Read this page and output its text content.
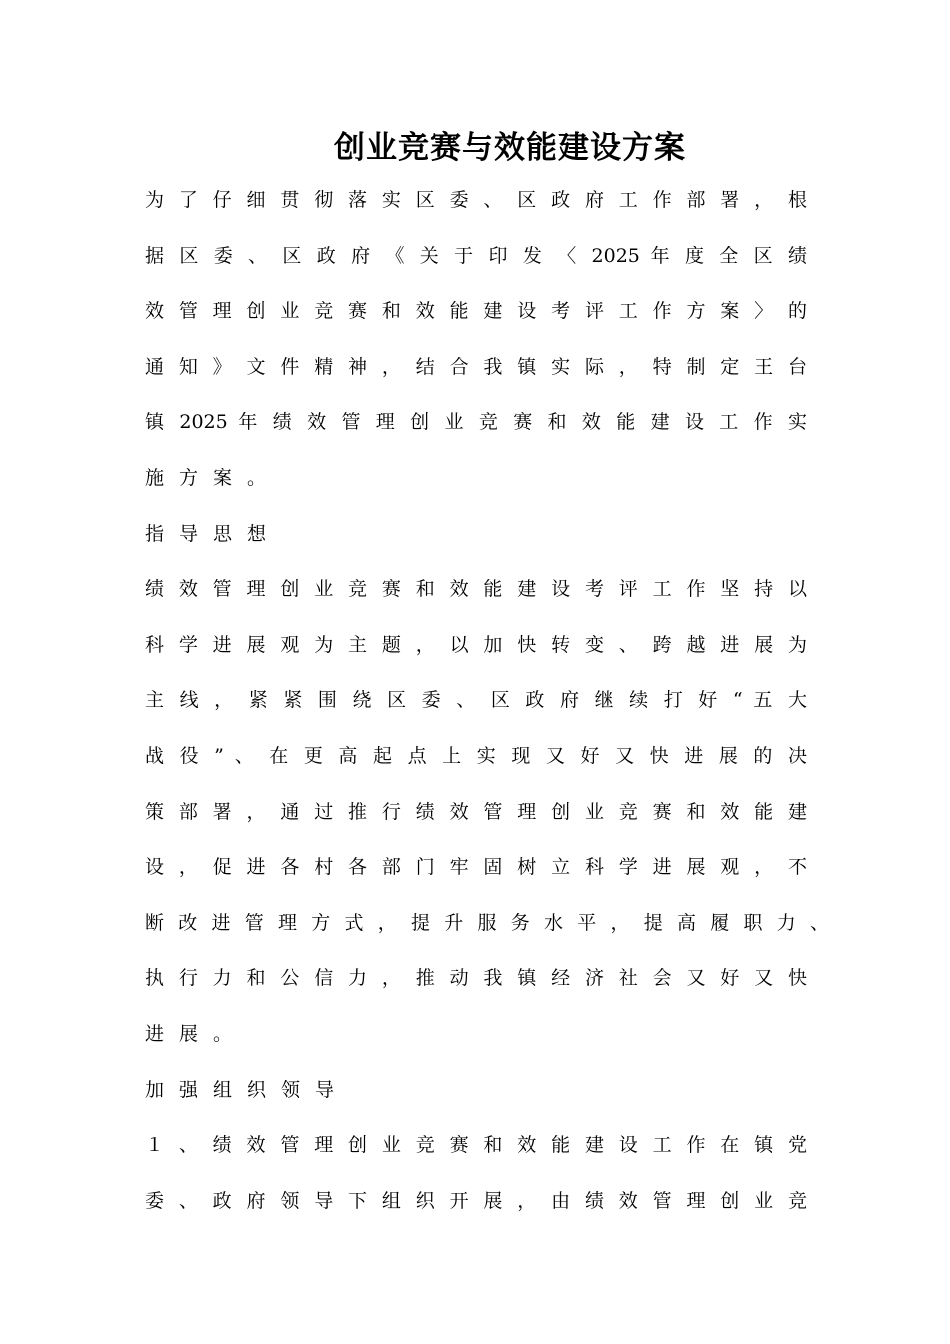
创业竞赛与效能建设方案
为 了 仔 细 贯 彻 落 实 区 委 、 区 政 府 工 作 部 署 ， 根
据 区 委 、 区 政 府 《 关 于 印 发 〈 2025 年 度 全 区 绩
效 管 理 创 业 竞 赛 和 效 能 建 设 考 评 工 作 方 案 〉 的
通 知 》 文 件 精 神 ， 结 合 我 镇 实 际 ， 特 制 定 王 台
镇 2025 年 绩 效 管 理 创 业 竞 赛 和 效 能 建 设 工 作 实
施方案。
指导思想
绩 效 管 理 创 业 竞 赛 和 效 能 建 设 考 评 工 作 坚 持 以
科 学 进 展 观 为 主 题 ， 以 加 快 转 变 、 跨 越 进 展 为
主 线 ， 紧 紧 围 绕 区 委 、 区 政 府 继 续 打 好 “ 五 大
战 役 ” 、 在 更 高 起 点 上 实 现 又 好 又 快 进 展 的 决
策 部 署 ， 通 过 推 行 绩 效 管 理 创 业 竞 赛 和 效 能 建
设 ， 促 进 各 村 各 部 门 牢 固 树 立 科 学 进 展 观 ， 不
断 改 进 管 理 方 式 ， 提 升 服 务 水 平 ， 提 高 履 职 力 、
执 行 力 和 公 信 力 ， 推 动 我 镇 经 济 社 会 又 好 又 快
进展。
加强组织领导
１ 、 绩 效 管 理 创 业 竞 赛 和 效 能 建 设 工 作 在 镇 党
委 、 政 府 领 导 下 组 织 开 展 ， 由 绩 效 管 理 创 业 竞
